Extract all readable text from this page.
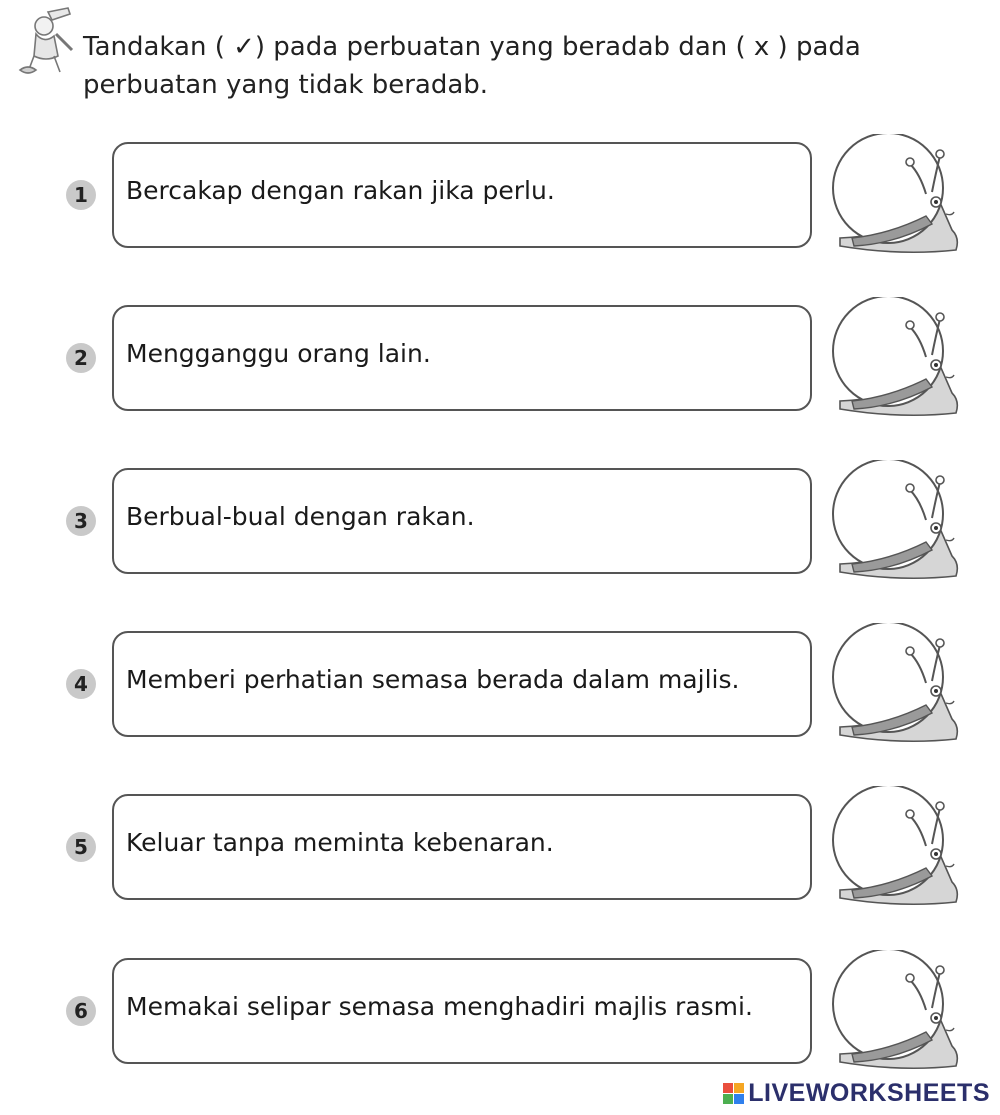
Tandakan ( ✓) pada perbuatan yang beradab dan ( x ) pada
perbuatan yang tidak beradab.
1	Bercakap dengan rakan jika perlu.
2	Mengganggu orang lain.
3	Berbual-bual dengan rakan.
4	Memberi perhatian semasa berada dalam majlis.
5	Keluar tanpa meminta kebenaran.
6	Memakai selipar semasa menghadiri majlis rasmi.
LIVEWORKSHEETS
